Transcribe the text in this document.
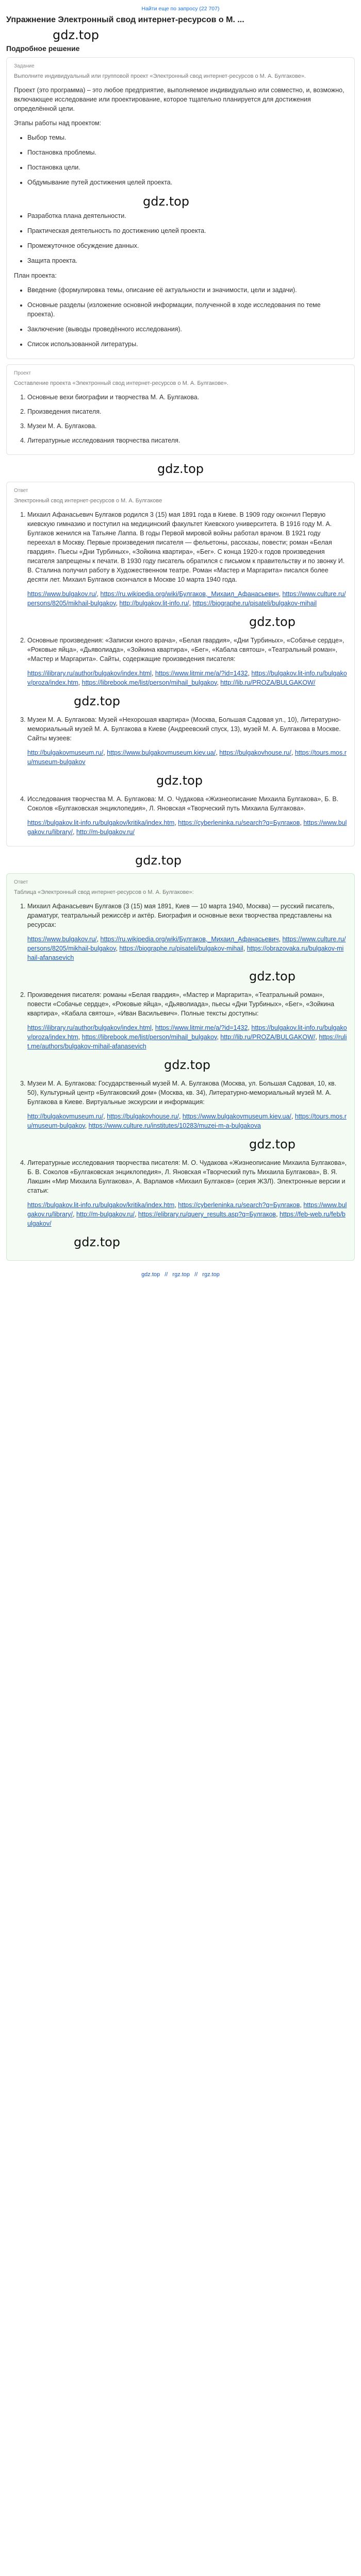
Найти еще по запросу (22 707)
Упражнение Электронный свод интернет-ресурсов о М. ...
gdz.top
Подробное решение
Задание
Выполните индивидуальный или групповой проект «Электронный свод интернет-ресурсов о М. А. Булгакове».
Проект (это программа) – это любое предприятие, выполняемое индивидуально или совместно, и, возможно, включающее исследование или проектирование, которое тщательно планируется для достижения определённой цели.
Этапы работы над проектом:
• Выбор темы.
• Постановка проблемы.
• Постановка цели.
• Обдумывание путей достижения целей проекта.
gdz.top
• Разработка плана деятельности.
• Практическая деятельность по достижению целей проекта.
• Промежуточное обсуждение данных.
• Защита проекта.
План проекта:
• Введение (формулировка темы, описание её актуальности и значимости, цели и задачи).
• Основные разделы (изложение основной информации, полученной в ходе исследования по теме проекта).
• Заключение (выводы проведённого исследования).
• Список использованной литературы.
Проект
Составление проекта «Электронный свод интернет-ресурсов о М. А. Булгакове».
1. Основные вехи биографии и творчества М. А. Булгакова.
2. Произведения писателя.
3. Музеи М. А. Булгакова.
4. Литературные исследования творчества писателя.
gdz.top
Ответ
Электронный свод интернет-ресурсов о М. А. Булгакове
1. Михаил Афанасьевич Булгаков родился 3 (15) мая 1891 года в Киеве. В 1909 году окончил Первую киевскую гимназию и поступил на медицинский факультет Киевского университета. В 1916 году М. А. Булгаков женился на Татьяне Лаппа. В годы Первой мировой войны работал врачом. В 1921 году переехал в Москву. Первые произведения писателя — фельетоны, рассказы, повести; роман «Белая гвардия». Пьесы «Дни Турбиных», «Зойкина квартира», «Бег». С конца 1920-х годов произведения писателя запрещены к печати. В 1930 году писатель обратился с письмом к правительству и по звонку И. В. Сталина получил работу в Художественном театре. Роман «Мастер и Маргарита» писался более десяти лет. Михаил Булгаков скончался в Москве 10 марта 1940 года.
https://www.bulgakov.ru/, https://ru.wikipedia.org/wiki/Булгаков,_Михаил_Афанасьевич, https://www.culture.ru/persons/8205/mikhail-bulgakov, http://bulgakov.lit-info.ru/, https://biographe.ru/pisateli/bulgakov-mihail
gdz.top
2. Основные произведения: «Записки юного врача», «Белая гвардия», «Дни Турбиных», «Собачье сердце», «Роковые яйца», «Дьяволиада», «Зойкина квартира», «Бег», «Кабала святош», «Театральный роман», «Мастер и Маргарита». Сайты, содержащие произведения писателя:
https://ilibrary.ru/author/bulgakov/index.html, https://www.litmir.me/a/?id=1432, https://bulgakov.lit-info.ru/bulgakov/proza/index.htm, https://librebook.me/list/person/mihail_bulgakov, http://lib.ru/PROZA/BULGAKOW/
gdz.top
3. Музеи М. А. Булгакова: Музей «Нехорошая квартира» (Москва, Большая Садовая ул., 10), Литературно-мемориальный музей М. А. Булгакова в Киеве (Андреевский спуск, 13), музей М. А. Булгакова в Москве. Сайты музеев:
http://bulgakovmuseum.ru/, https://www.bulgakovmuseum.kiev.ua/, https://bulgakovhouse.ru/, https://tours.mos.ru/museum-bulgakov
gdz.top
4. Исследования творчества М. А. Булгакова: М. О. Чудакова «Жизнеописание Михаила Булгакова», Б. В. Соколов «Булгаковская энциклопедия», Л. Яновская «Творческий путь Михаила Булгакова».
https://bulgakov.lit-info.ru/bulgakov/kritika/index.htm, https://cyberleninka.ru/search?q=Булгаков, https://www.bulgakov.ru/library/, http://m-bulgakov.ru/
gdz.top
Ответ
Таблица «Электронный свод интернет-ресурсов о М. А. Булгакове»:
1. Михаил Афанасьевич Булгаков (3 (15) мая 1891, Киев — 10 марта 1940, Москва) — русский писатель, драматург, театральный режиссёр и актёр. Биография и основные вехи творчества представлены на ресурсах:
https://www.bulgakov.ru/, https://ru.wikipedia.org/wiki/Булгаков,_Михаил_Афанасьевич, https://www.culture.ru/persons/8205/mikhail-bulgakov, https://biographe.ru/pisateli/bulgakov-mihail, https://obrazovaka.ru/bulgakov-mihail-afanasevich
gdz.top
2. Произведения писателя: романы «Белая гвардия», «Мастер и Маргарита», «Театральный роман», повести «Собачье сердце», «Роковые яйца», «Дьяволиада», пьесы «Дни Турбиных», «Бег», «Зойкина квартира», «Кабала святош», «Иван Васильевич». Полные тексты доступны:
https://ilibrary.ru/author/bulgakov/index.html, https://www.litmir.me/a/?id=1432, https://bulgakov.lit-info.ru/bulgakov/proza/index.htm, https://librebook.me/list/person/mihail_bulgakov, http://lib.ru/PROZA/BULGAKOW/, https://rulit.me/authors/bulgakov-mihail-afanasevich
gdz.top
3. Музеи М. А. Булгакова: Государственный музей М. А. Булгакова (Москва, ул. Большая Садовая, 10, кв. 50), Культурный центр «Булгаковский дом» (Москва, кв. 34), Литературно-мемориальный музей М. А. Булгакова в Киеве. Виртуальные экскурсии и информация:
http://bulgakovmuseum.ru/, https://bulgakovhouse.ru/, https://www.bulgakovmuseum.kiev.ua/, https://tours.mos.ru/museum-bulgakov, https://www.culture.ru/institutes/10283/muzei-m-a-bulgakova
gdz.top
4. Литературные исследования творчества писателя: М. О. Чудакова «Жизнеописание Михаила Булгакова», Б. В. Соколов «Булгаковская энциклопедия», Л. Яновская «Творческий путь Михаила Булгакова», В. Я. Лакшин «Мир Михаила Булгакова», А. Варламов «Михаил Булгаков» (серия ЖЗЛ). Электронные версии и статьи:
https://bulgakov.lit-info.ru/bulgakov/kritika/index.htm, https://cyberleninka.ru/search?q=Булгаков, https://www.bulgakov.ru/library/, http://m-bulgakov.ru/, https://elibrary.ru/query_results.asp?q=Булгаков, https://feb-web.ru/feb/bulgakov/
gdz.top
gdz.top // rgz.top // rgz.top
